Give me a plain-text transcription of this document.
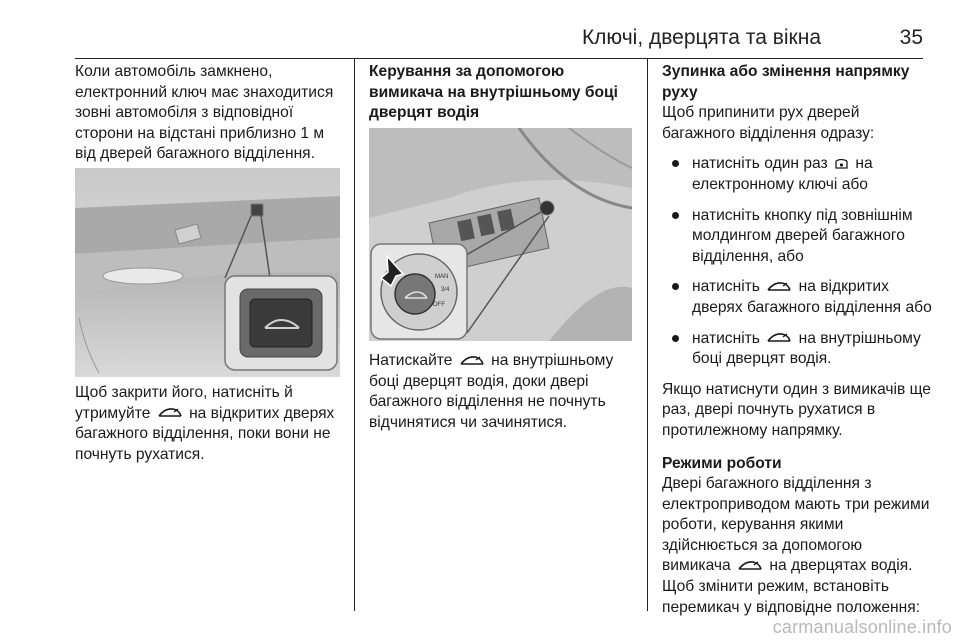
Ключі, дверцята та вікна	35

Коли автомобіль замкнено, електронний ключ має знаходитися зовні автомобіля з відповідної сторони на відстані приблизно 1 м від дверей багажного відділення.

Щоб закрити його, натисніть й утримуйте на відкритих дверях багажного відділення, поки вони не почнуть рухатися.

Керування за допомогою вимикача на внутрішньому боці дверцят водія

MAN
3/4
OFF

Натискайте на внутрішньому боці дверцят водія, доки двері багажного відділення не почнуть відчинятися чи зачинятися.

Зупинка або змінення напрямку руху

Щоб припинити рух дверей багажного відділення одразу:

натисніть один раз на електронному ключі або
натисніть кнопку під зовнішнім молдингом дверей багажного відділення, або
натисніть на відкритих дверях багажного відділення або
натисніть на внутрішньому боці дверцят водія.

Якщо натиснути один з вимикачів ще раз, двері почнуть рухатися в протилежному напрямку.

Режими роботи

Двері багажного відділення з електроприводом мають три режими роботи, керування якими здійснюється за допомогою вимикача на дверцятах водія. Щоб змінити режим, встановіть перемикач у відповідне положення:

carmanualsonline.info
